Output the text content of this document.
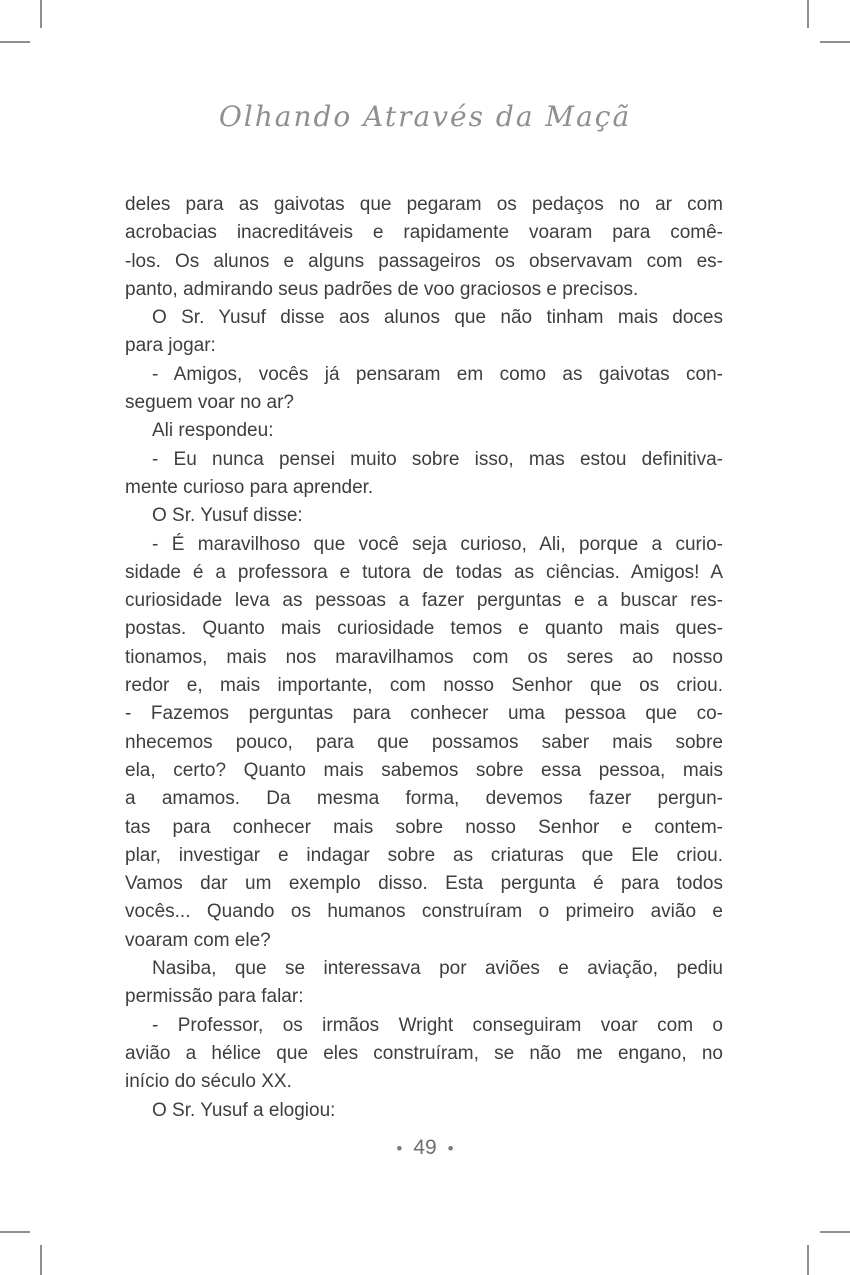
Olhando Através da Maçã
deles para as gaivotas que pegaram os pedaços no ar com
acrobacias inacreditáveis e rapidamente voaram para comê-
-los. Os alunos e alguns passageiros os observavam com es-
panto, admirando seus padrões de voo graciosos e precisos.
O Sr. Yusuf disse aos alunos que não tinham mais doces
para jogar:
- Amigos, vocês já pensaram em como as gaivotas con-
seguem voar no ar?
Ali respondeu:
- Eu nunca pensei muito sobre isso, mas estou definitiva-
mente curioso para aprender.
O Sr. Yusuf disse:
- É maravilhoso que você seja curioso, Ali, porque a curio-
sidade é a professora e tutora de todas as ciências. Amigos! A
curiosidade leva as pessoas a fazer perguntas e a buscar res-
postas. Quanto mais curiosidade temos e quanto mais ques-
tionamos, mais nos maravilhamos com os seres ao nosso
redor e, mais importante, com nosso Senhor que os criou.
- Fazemos perguntas para conhecer uma pessoa que co-
nhecemos pouco, para que possamos saber mais sobre
ela, certo? Quanto mais sabemos sobre essa pessoa, mais
a amamos. Da mesma forma, devemos fazer pergun-
tas para conhecer mais sobre nosso Senhor e contem-
plar, investigar e indagar sobre as criaturas que Ele criou.
Vamos dar um exemplo disso. Esta pergunta é para todos
vocês... Quando os humanos construíram o primeiro avião e
voaram com ele?
Nasiba, que se interessava por aviões e aviação, pediu
permissão para falar:
- Professor, os irmãos Wright conseguiram voar com o
avião a hélice que eles construíram, se não me engano, no
início do século XX.
O Sr. Yusuf a elogiou:
• 49 •
